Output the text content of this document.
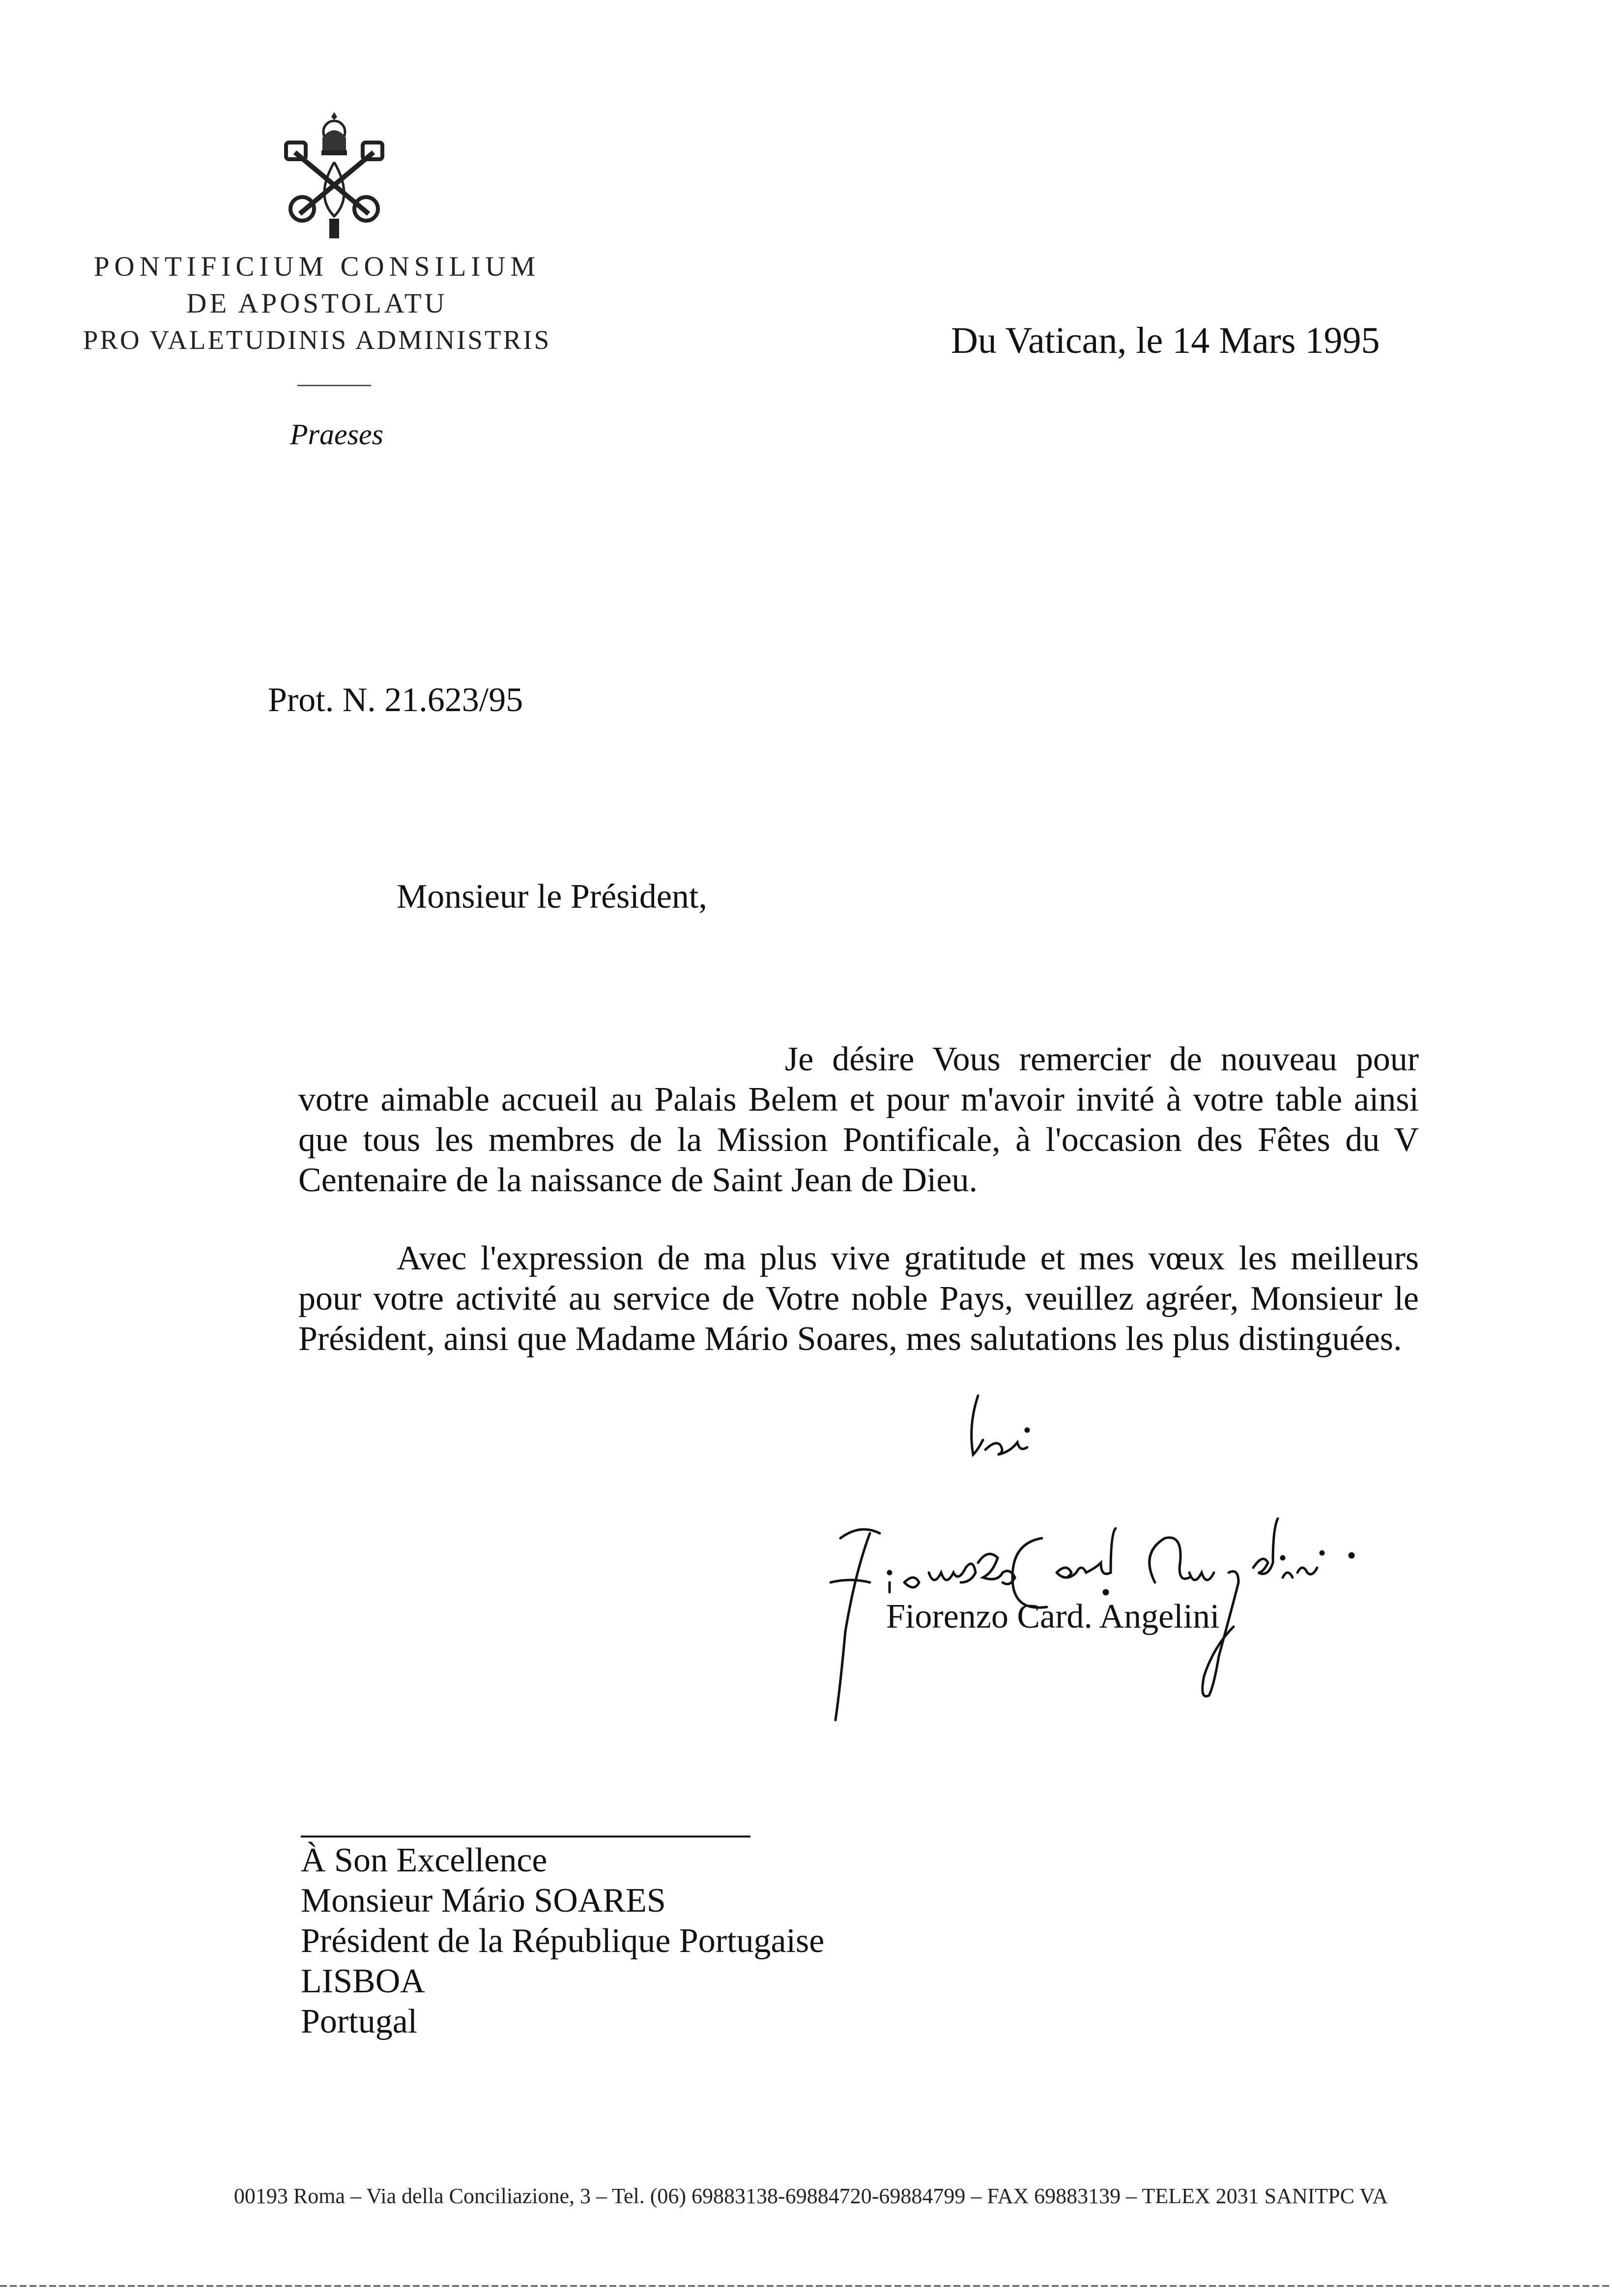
PONTIFICIUM CONSILIUM
DE APOSTOLATU
PRO VALETUDINIS ADMINISTRIS
Praeses
Du Vatican, le 14 Mars 1995
Prot. N. 21.623/95
Monsieur le Président,
Je désire Vous remercier de nouveau pour votre aimable accueil au Palais Belem et pour m'avoir invité à votre table ainsi que tous les membres de la Mission Pontificale, à l'occasion des Fêtes du V Centenaire de la naissance de Saint Jean de Dieu.
Avec l'expression de ma plus vive gratitude et mes vœux les meilleurs pour votre activité au service de Votre noble Pays, veuillez agréer, Monsieur le Président, ainsi que Madame Mário Soares, mes salutations les plus distinguées.
Fiorenzo Card. Angelini
À Son Excellence
Monsieur Mário SOARES
Président de la République Portugaise
LISBOA
Portugal
00193 Roma – Via della Conciliazione, 3 – Tel. (06) 69883138-69884720-69884799 – FAX 69883139 – TELEX 2031 SANITPC VA
